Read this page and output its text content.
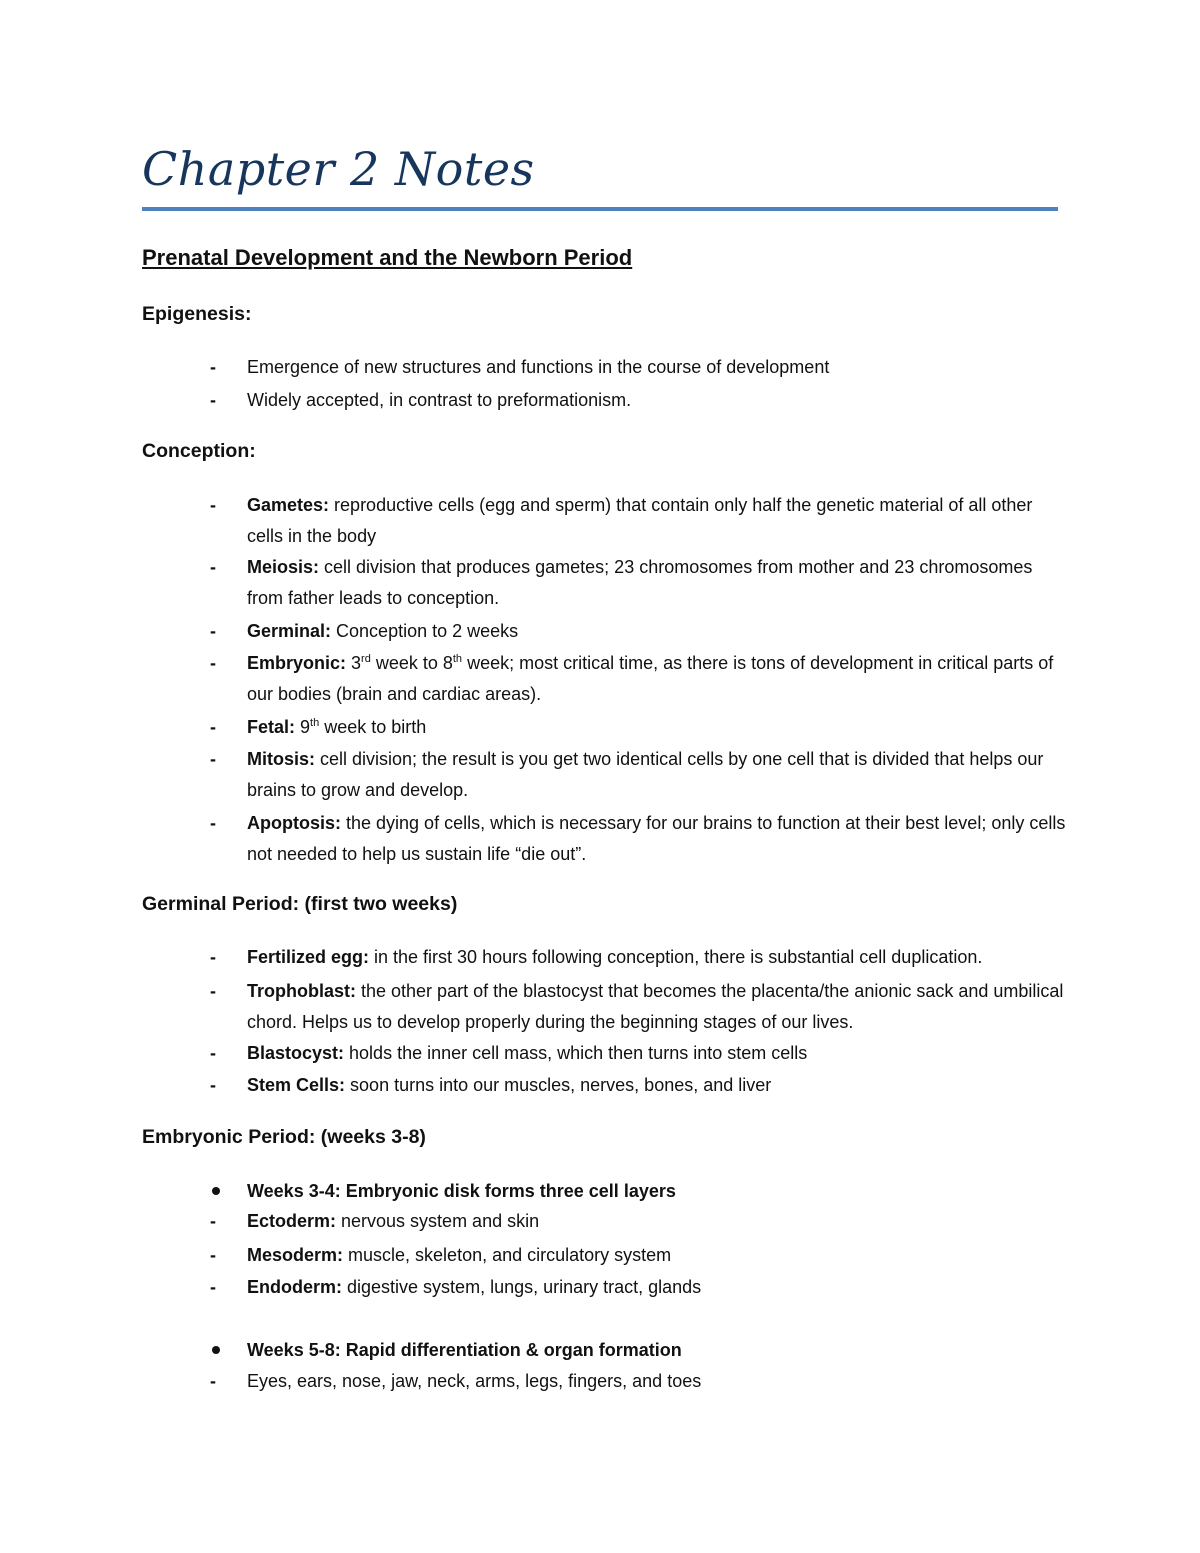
Chapter 2 Notes
Prenatal Development and the Newborn Period
Epigenesis:
-	Emergence of new structures and functions in the course of development
-	Widely accepted, in contrast to preformationism.
Conception:
-	Gametes: reproductive cells (egg and sperm) that contain only half the genetic material of all other cells in the body
-	Meiosis: cell division that produces gametes; 23 chromosomes from mother and 23 chromosomes from father leads to conception.
-	Germinal: Conception to 2 weeks
-	Embryonic: 3rd week to 8th week; most critical time, as there is tons of development in critical parts of our bodies (brain and cardiac areas).
-	Fetal: 9th week to birth
-	Mitosis: cell division; the result is you get two identical cells by one cell that is divided that helps our brains to grow and develop.
-	Apoptosis: the dying of cells, which is necessary for our brains to function at their best level; only cells not needed to help us sustain life “die out”.
Germinal Period: (first two weeks)
-	Fertilized egg: in the first 30 hours following conception, there is substantial cell duplication.
-	Trophoblast: the other part of the blastocyst that becomes the placenta/the anionic sack and umbilical chord. Helps us to develop properly during the beginning stages of our lives.
-	Blastocyst: holds the inner cell mass, which then turns into stem cells
-	Stem Cells: soon turns into our muscles, nerves, bones, and liver
Embryonic Period: (weeks 3-8)
Weeks 3-4: Embryonic disk forms three cell layers
-	Ectoderm: nervous system and skin
-	Mesoderm: muscle, skeleton, and circulatory system
-	Endoderm: digestive system, lungs, urinary tract, glands
Weeks 5-8: Rapid differentiation & organ formation
-	Eyes, ears, nose, jaw, neck, arms, legs, fingers, and toes
